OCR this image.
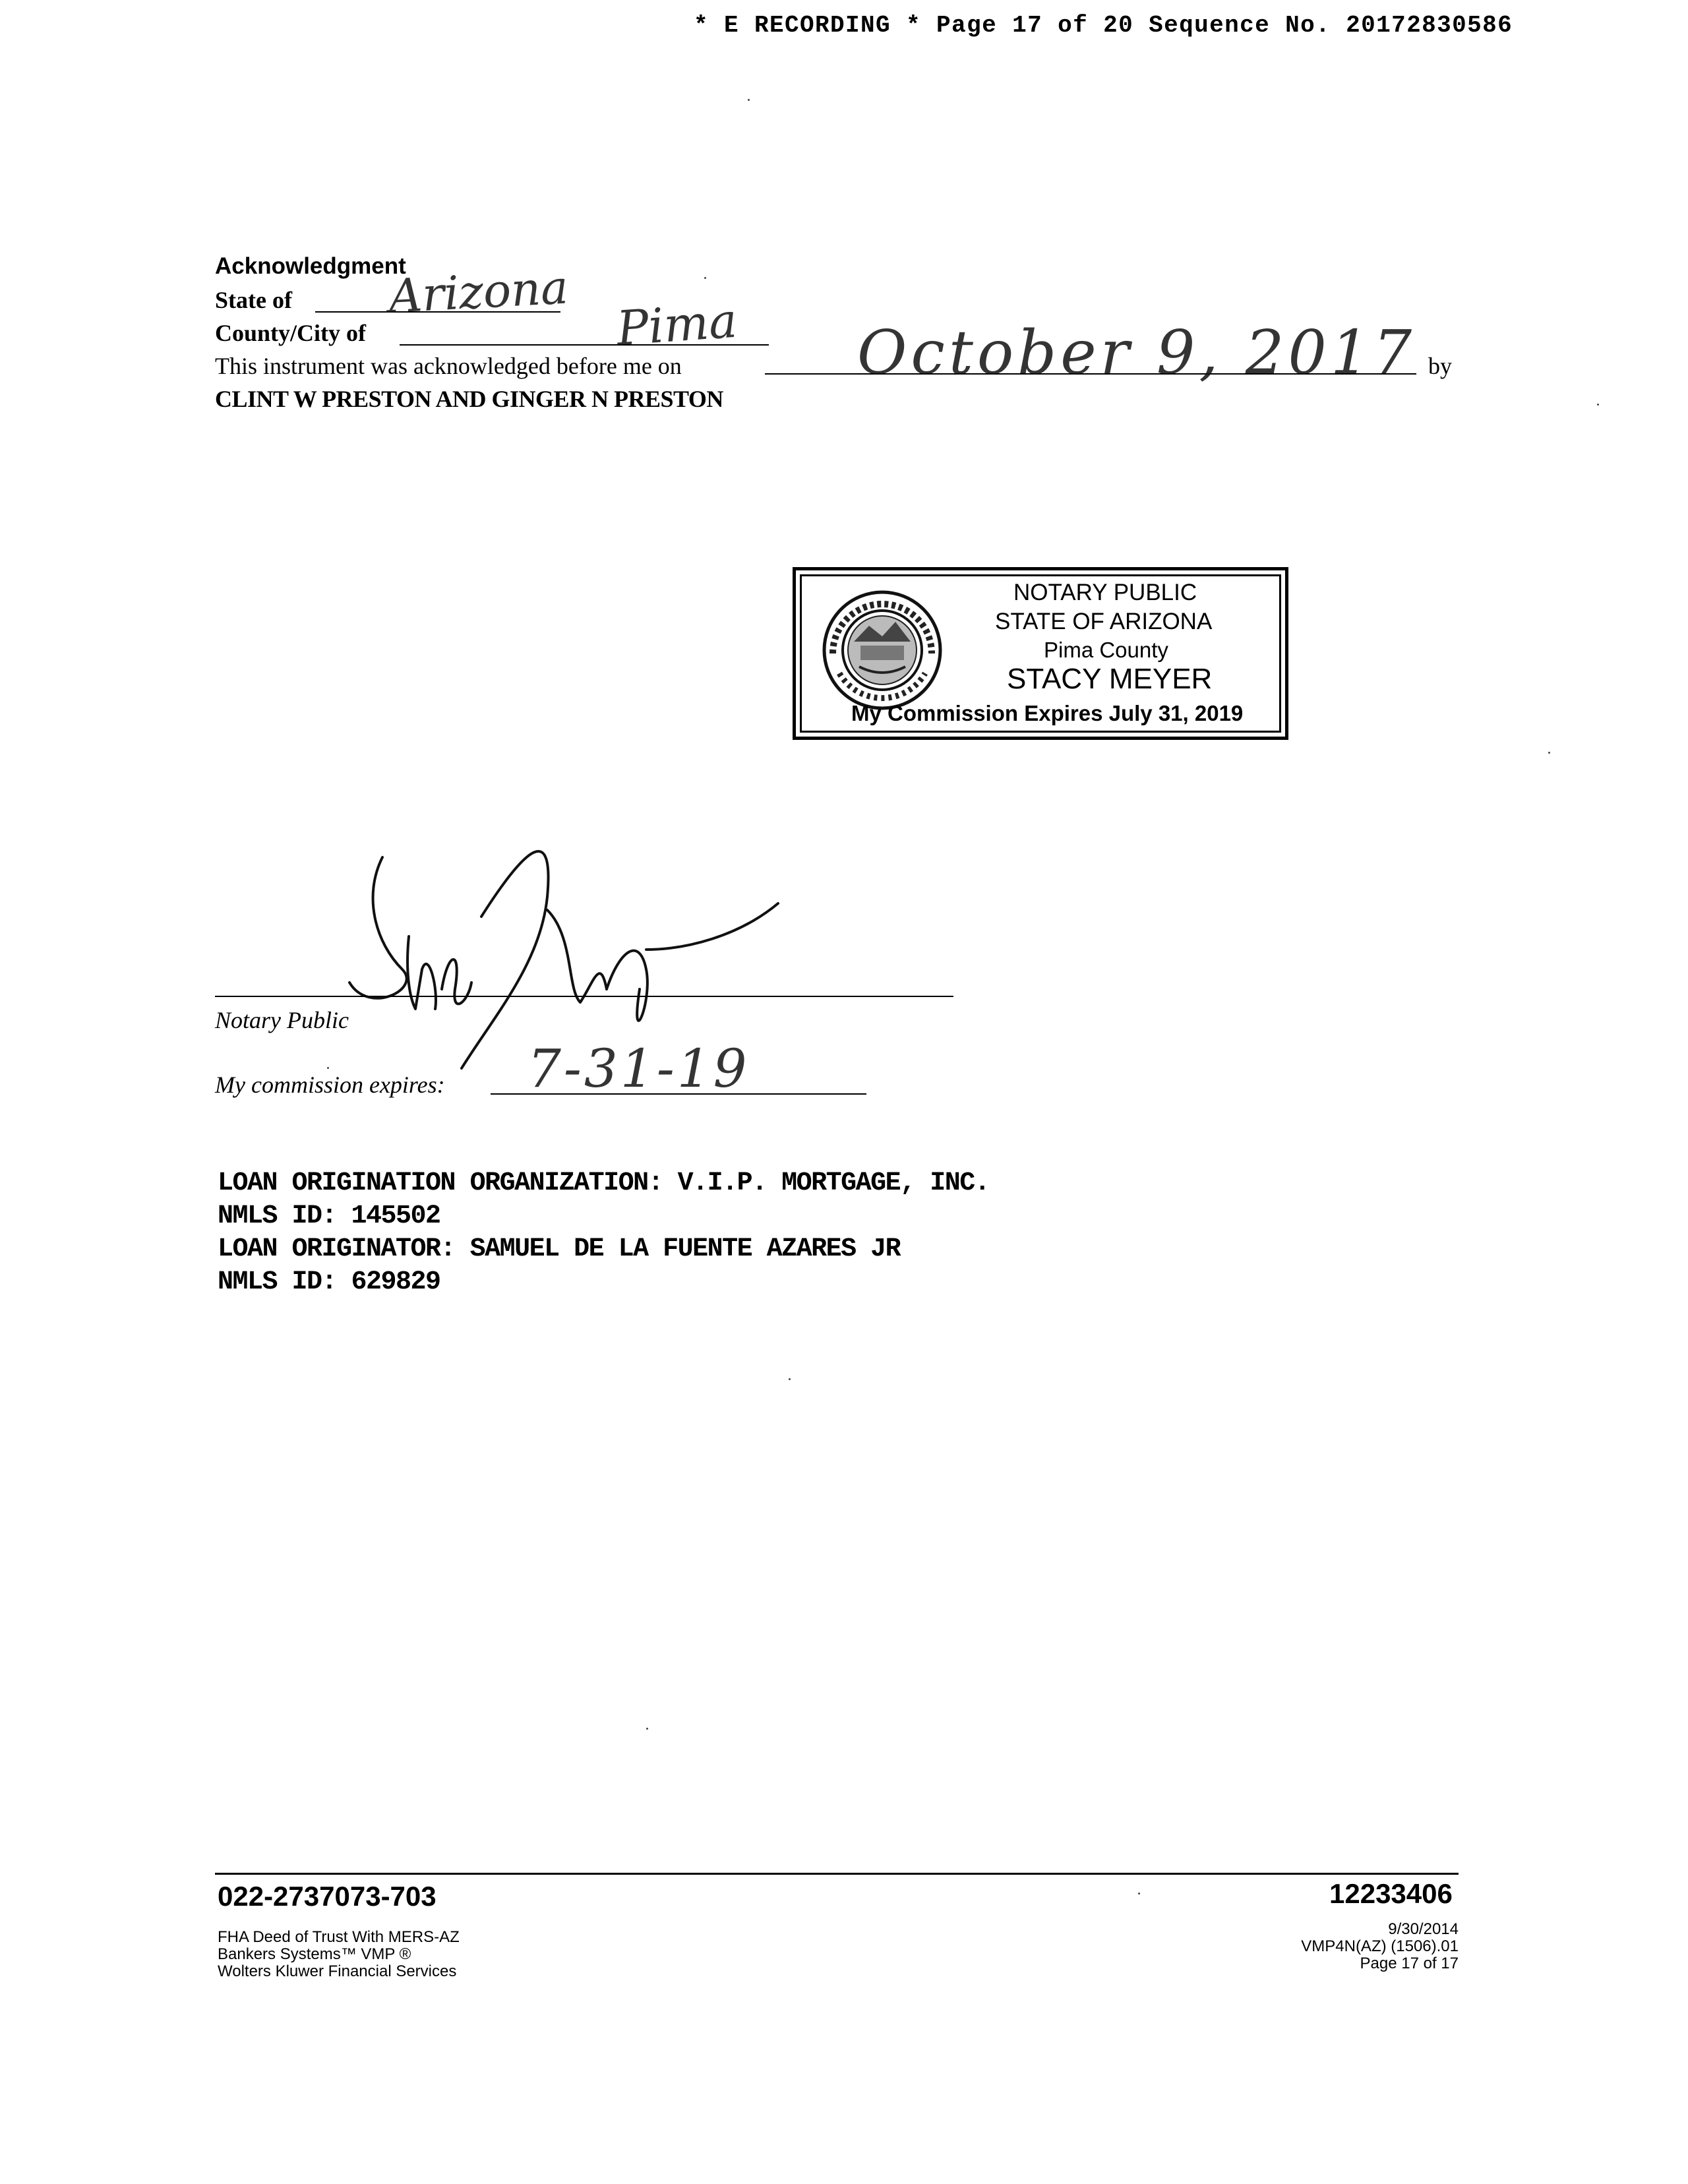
* E RECORDING * Page 17 of 20 Sequence No. 20172830586
Acknowledgment
State of Arizona
County/City of	Pima
This instrument was acknowledged before me on	October 9, 2017 by
CLINT W PRESTON AND GINGER N PRESTON
NOTARY PUBLIC
STATE OF ARIZONA
Pima County
STACY MEYER
My Commission Expires July 31, 2019
Notary Public
My commission expires: 7-31-19
LOAN ORIGINATION ORGANIZATION: V.I.P. MORTGAGE, INC.
NMLS ID: 145502
LOAN ORIGINATOR: SAMUEL DE LA FUENTE AZARES JR
NMLS ID: 629829
022-2737073-703	12233406
FHA Deed of Trust With MERS-AZ
Bankers Systems™ VMP ®
Wolters Kluwer Financial Services
9/30/2014
VMP4N(AZ) (1506).01
Page 17 of 17
